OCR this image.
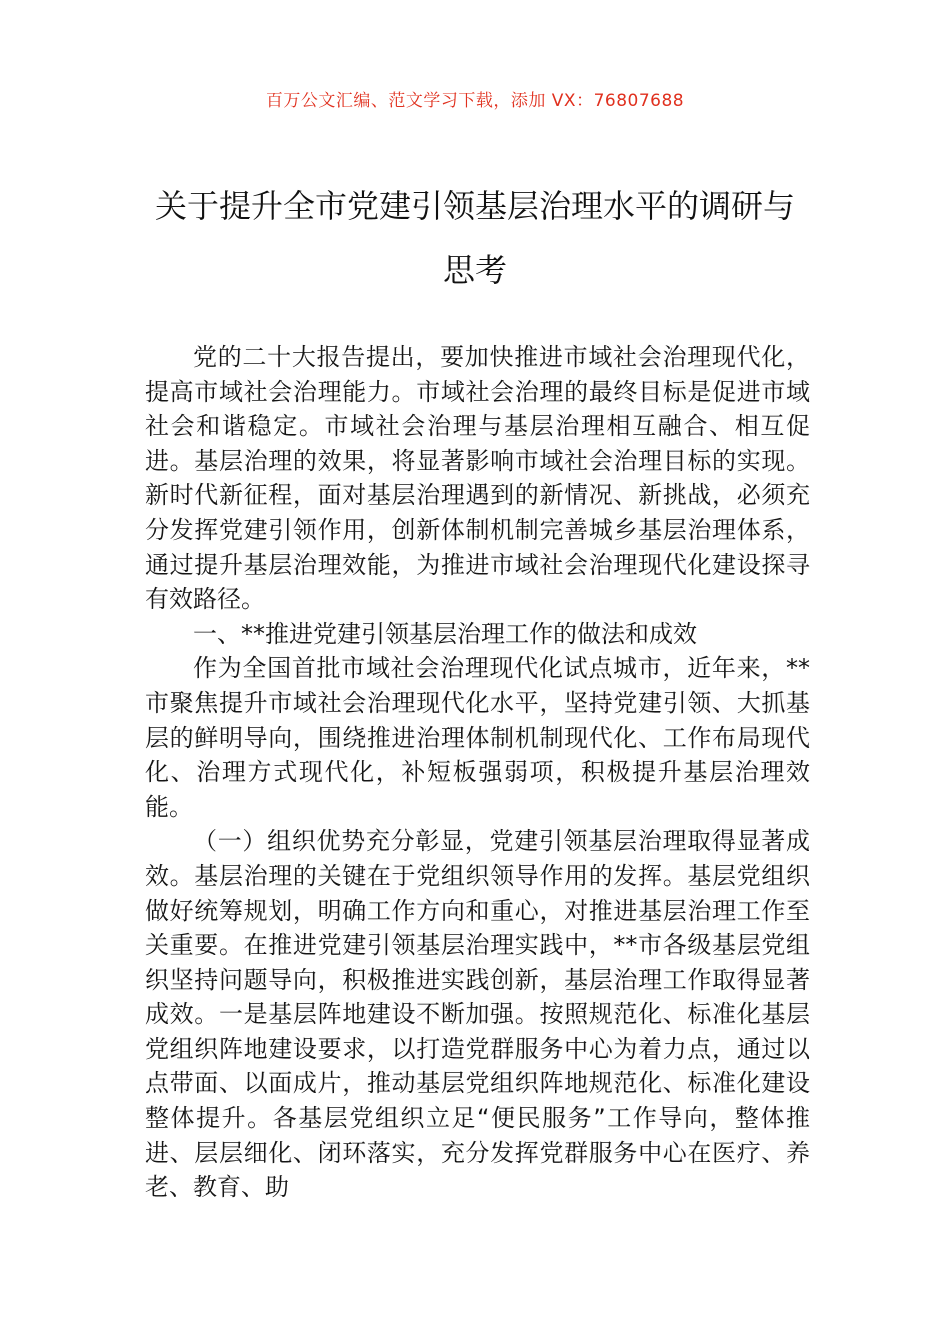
百万公文汇编、范文学习下载，添加 VX：76807688
关于提升全市党建引领基层治理水平的调研与思考

党的二十大报告提出，要加快推进市域社会治理现代化，提高市域社会治理能力。市域社会治理的最终目标是促进市域社会和谐稳定。市域社会治理与基层治理相互融合、相互促进。基层治理的效果，将显著影响市域社会治理目标的实现。新时代新征程，面对基层治理遇到的新情况、新挑战，必须充分发挥党建引领作用，创新体制机制完善城乡基层治理体系，通过提升基层治理效能，为推进市域社会治理现代化建设探寻有效路径。

一、**推进党建引领基层治理工作的做法和成效

作为全国首批市域社会治理现代化试点城市，近年来，**市聚焦提升市域社会治理现代化水平，坚持党建引领、大抓基层的鲜明导向，围绕推进治理体制机制现代化、工作布局现代化、治理方式现代化，补短板强弱项，积极提升基层治理效能。

（一）组织优势充分彰显，党建引领基层治理取得显著成效。基层治理的关键在于党组织领导作用的发挥。基层党组织做好统筹规划，明确工作方向和重心，对推进基层治理工作至关重要。在推进党建引领基层治理实践中，**市各级基层党组织坚持问题导向，积极推进实践创新，基层治理工作取得显著成效。一是基层阵地建设不断加强。按照规范化、标准化基层党组织阵地建设要求，以打造党群服务中心为着力点，通过以点带面、以面成片，推动基层党组织阵地规范化、标准化建设整体提升。各基层党组织立足“便民服务”工作导向，整体推进、层层细化、闭环落实，充分发挥党群服务中心在医疗、养老、教育、助
